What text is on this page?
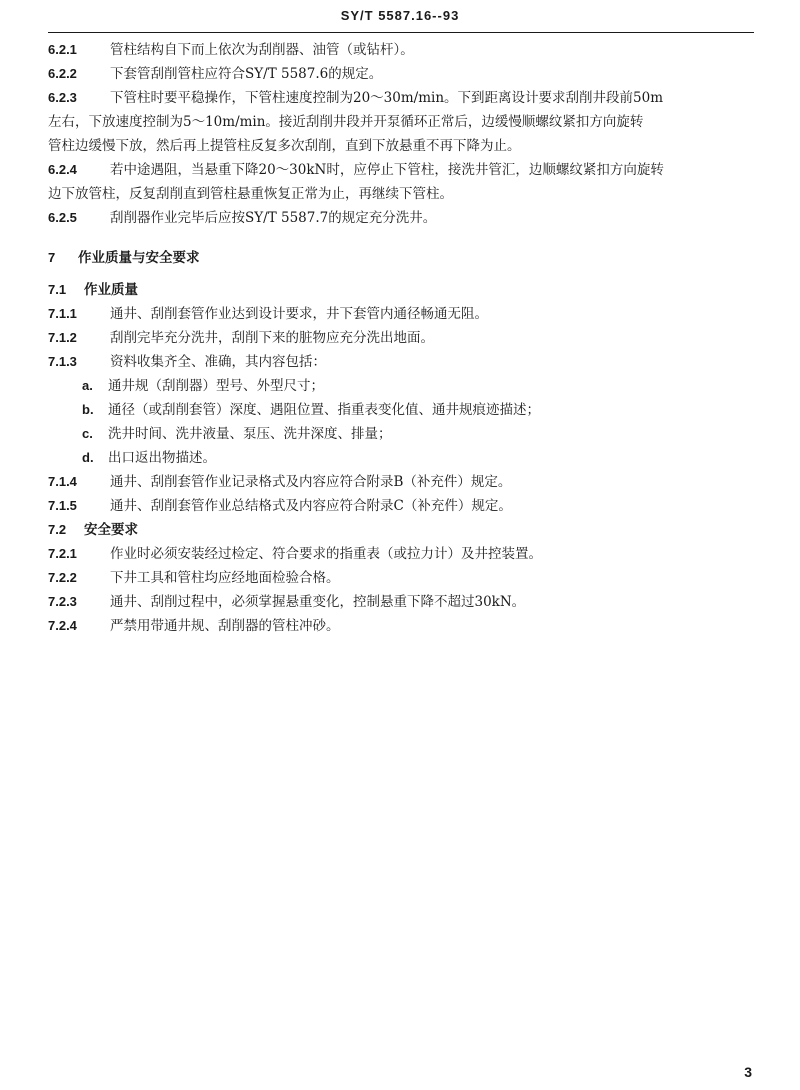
SY/T 5587.16--93
6.2.1 管柱结构自下而上依次为刮削器、油管（或钻杆）。
6.2.2 下套管刮削管柱应符合SY/T 5587.6的规定。
6.2.3 下管柱时要平稳操作，下管柱速度控制为20～30m/min。下到距离设计要求刮削井段前50m
左右，下放速度控制为5～10m/min。接近刮削井段并开泵循环正常后，边缓慢顺螺纹紧扣方向旋转
管柱边缓慢下放，然后再上提管柱反复多次刮削，直到下放悬重不再下降为止。
6.2.4 若中途遇阻，当悬重下降20～30kN时，应停止下管柱，接洗井管汇，边顺螺纹紧扣方向旋转
边下放管柱，反复刮削直到管柱悬重恢复正常为止，再继续下管柱。
6.2.5 刮削器作业完毕后应按SY/T 5587.7的规定充分洗井。
7 作业质量与安全要求
7.1 作业质量
7.1.1 通井、刮削套管作业达到设计要求，井下套管内通径畅通无阻。
7.1.2 刮削完毕充分洗井，刮削下来的脏物应充分洗出地面。
7.1.3 资料收集齐全、准确，其内容包括：
a. 通井规（刮削器）型号、外型尺寸；
b. 通径（或刮削套管）深度、遇阻位置、指重表变化值、通井规痕迹描述；
c. 洗井时间、洗井液量、泵压、洗井深度、排量；
d. 出口返出物描述。
7.1.4 通井、刮削套管作业记录格式及内容应符合附录B（补充件）规定。
7.1.5 通井、刮削套管作业总结格式及内容应符合附录C（补充件）规定。
7.2 安全要求
7.2.1 作业时必须安装经过检定、符合要求的指重表（或拉力计）及井控装置。
7.2.2 下井工具和管柱均应经地面检验合格。
7.2.3 通井、刮削过程中，必须掌握悬重变化，控制悬重下降不超过30kN。
7.2.4 严禁用带通井规、刮削器的管柱冲砂。
3
